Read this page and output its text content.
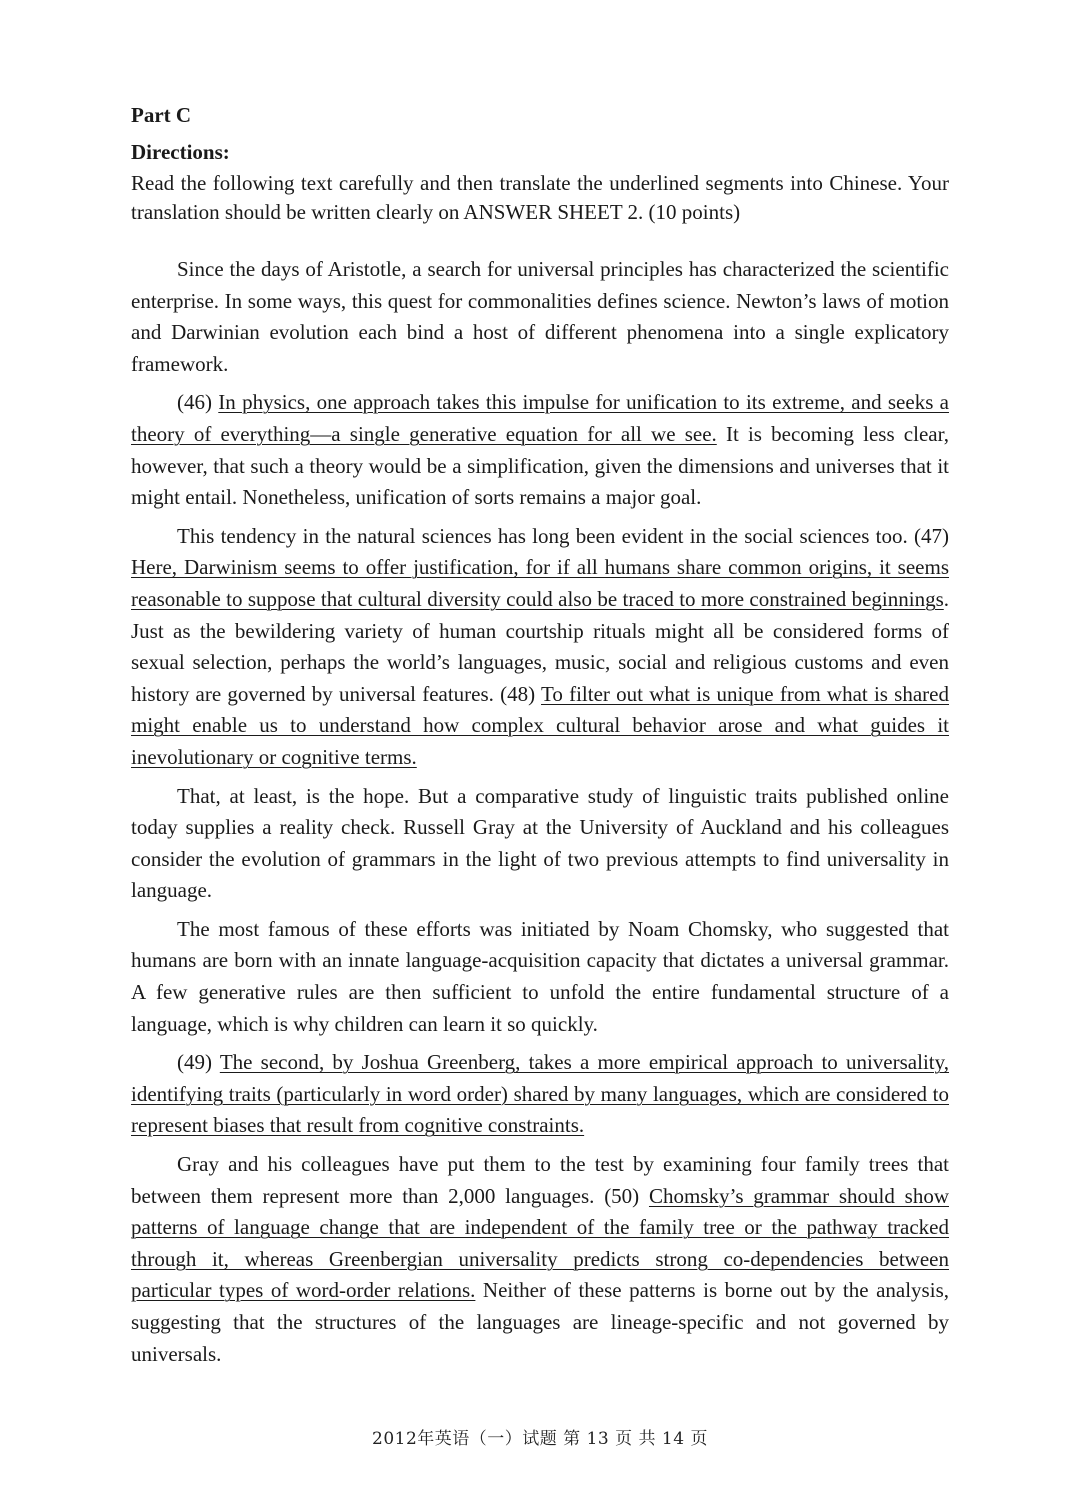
Part C

Directions:

Read the following text carefully and then translate the underlined segments into Chinese. Your translation should be written clearly on ANSWER SHEET 2. (10 points)

Since the days of Aristotle, a search for universal principles has characterized the scientific enterprise. In some ways, this quest for commonalities defines science. Newton’s laws of motion and Darwinian evolution each bind a host of different phenomena into a single explicatory framework.

(46) In physics, one approach takes this impulse for unification to its extreme, and seeks a theory of everything—a single generative equation for all we see. It is becoming less clear, however, that such a theory would be a simplification, given the dimensions and universes that it might entail. Nonetheless, unification of sorts remains a major goal.

This tendency in the natural sciences has long been evident in the social sciences too. (47) Here, Darwinism seems to offer justification, for if all humans share common origins, it seems reasonable to suppose that cultural diversity could also be traced to more constrained beginnings. Just as the bewildering variety of human courtship rituals might all be considered forms of sexual selection, perhaps the world’s languages, music, social and religious customs and even history are governed by universal features. (48) To filter out what is unique from what is shared might enable us to understand how complex cultural behavior arose and what guides it inevolutionary or cognitive terms.

That, at least, is the hope. But a comparative study of linguistic traits published online today supplies a reality check. Russell Gray at the University of Auckland and his colleagues consider the evolution of grammars in the light of two previous attempts to find universality in language.

The most famous of these efforts was initiated by Noam Chomsky, who suggested that humans are born with an innate language-acquisition capacity that dictates a universal grammar. A few generative rules are then sufficient to unfold the entire fundamental structure of a language, which is why children can learn it so quickly.

(49) The second, by Joshua Greenberg, takes a more empirical approach to universality, identifying traits (particularly in word order) shared by many languages, which are considered to represent biases that result from cognitive constraints.

Gray and his colleagues have put them to the test by examining four family trees that between them represent more than 2,000 languages. (50) Chomsky’s grammar should show patterns of language change that are independent of the family tree or the pathway tracked through it, whereas Greenbergian universality predicts strong co-dependencies between particular types of word-order relations. Neither of these patterns is borne out by the analysis, suggesting that the structures of the languages are lineage-specific and not governed by universals.

2012年英语（一）试题 第 13 页 共 14 页
